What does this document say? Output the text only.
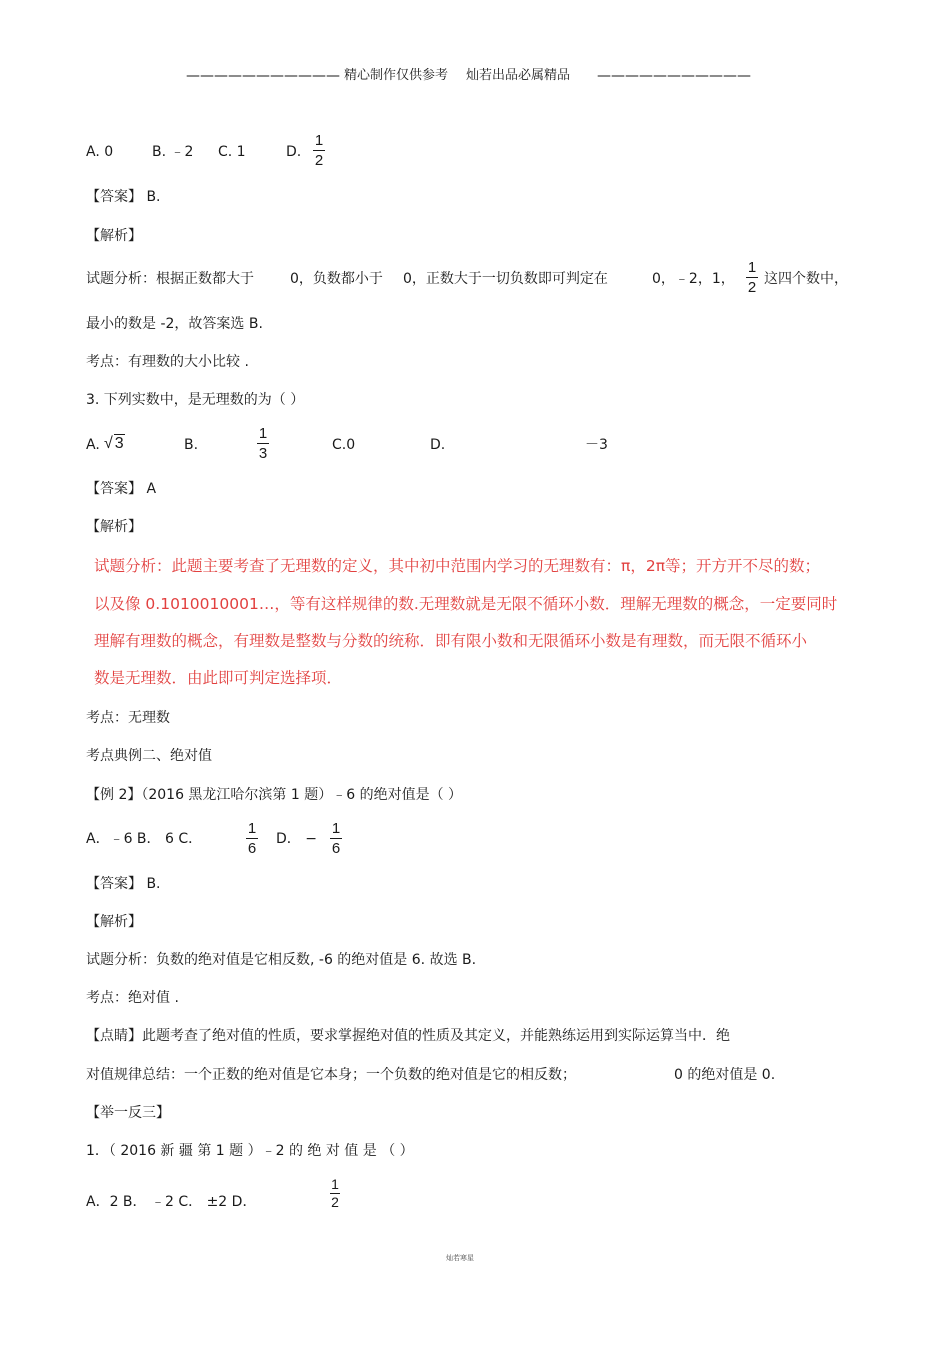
——————————— 精心制作仅供参考 灿若出品必属精品 ———————————
A. 0	B. ﹣2 C. 1	D.
1
2
【答案】 B.
【解析】
试题分析：根据正数都大于	0，负数都小于 0，正数大于一切负数即可判定在	0，﹣2，1，
1
2 这四个数中，
最小的数是 -2，故答案选 B.
考点：有理数的大小比较 .
3. 下列实数中，是无理数的为（ ）
A. √ 3	B.
1
3	C.0	D.	－3
【答案】 A
【解析】
试题分析：此题主要考查了无理数的定义，其中初中范围内学习的无理数有：π，2π等；开方开不尽的数；
以及像 0.1010010001…，等有这样规律的数.无理数就是无限不循环小数．理解无理数的概念，一定要同时
理解有理数的概念，有理数是整数与分数的统称．即有限小数和无限循环小数是有理数，而无限不循环小
数是无理数．由此即可判定选择项．
考点：无理数
考点典例二、绝对值
【例 2】（2016 黑龙江哈尔滨第 1 题）﹣6 的绝对值是（ ）
A．﹣6 B． 6 C．
1
6
D． −
1
6
【答案】 B.
【解析】
试题分析：负数的绝对值是它相反数, -6 的绝对值是 6. 故选 B.
考点：绝对值 .
【点睛】此题考查了绝对值的性质，要求掌握绝对值的性质及其定义，并能熟练运用到实际运算当中．绝
对值规律总结：一个正数的绝对值是它本身；一个负数的绝对值是它的相反数；	0 的绝对值是 0.
【举一反三】
1．（ 2016 新 疆 第 1 题 ）﹣2 的 绝 对 值 是 （ ）
A．2 B． ﹣2 C． ±2 D．
1
2
灿若寒星
